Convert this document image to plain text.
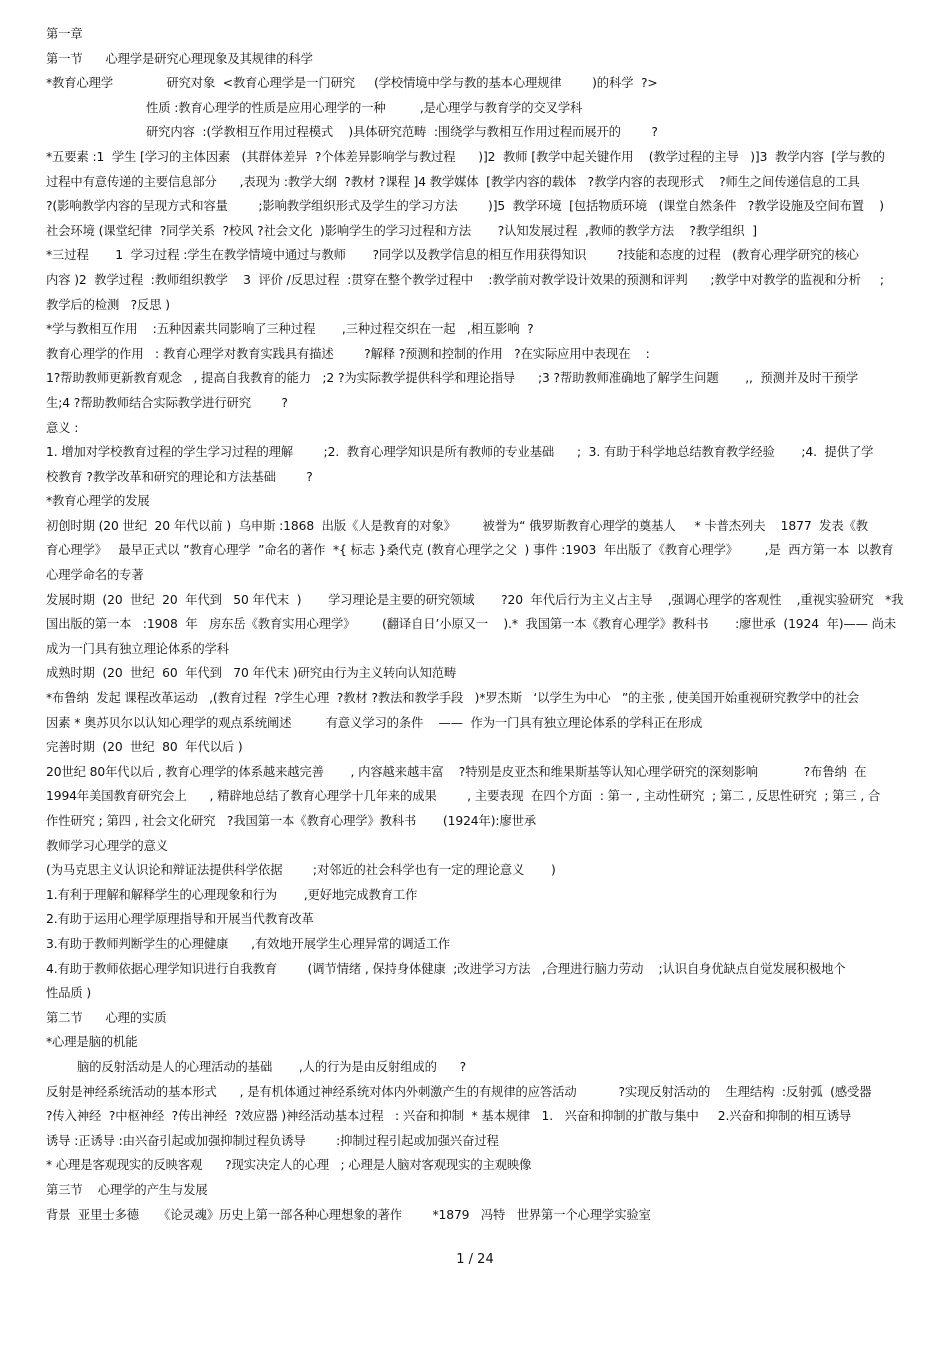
第一章
第一节      心理学是研究心理现象及其规律的科学
*教育心理学              研究对象  <教育心理学是一门研究     (学校情境中学与教的基本心理规律        )的科学  ?>
性质 :教育心理学的性质是应用心理学的一种         ,是心理学与教育学的交叉学科
研究内容  :(学教相互作用过程模式    )具体研究范畴  :围绕学与教相互作用过程而展开的        ?
*五要素 :1  学生 [学习的主体因素   (其群体差异  ?个体差异影响学与教过程      )]2  教师 [教学中起关键作用    (教学过程的主导   )]3  教学内容  [学与教的
过程中有意传递的主要信息部分      ,表现为 :教学大纲  ?教材 ?课程 ]4 教学媒体  [教学内容的载体   ?教学内容的表现形式    ?师生之间传递信息的工具
?(影响教学内容的呈现方式和容量        ;影响教学组织形式及学生的学习方法        )]5  教学环境  [包括物质环境   (课堂自然条件   ?教学设施及空间布置    )
社会环境 (课堂纪律  ?同学关系  ?校风 ?社会文化  )影响学生的学习过程和方法       ?认知发展过程  ,教师的教学方法    ?教学组织  ]
*三过程       1  学习过程 :学生在教学情境中通过与教师       ?同学以及教学信息的相互作用获得知识        ?技能和态度的过程   (教育心理学研究的核心
内容 )2  教学过程  :教师组织教学    3  评价 /反思过程  :贯穿在整个教学过程中    :教学前对教学设计效果的预测和评判      ;教学中对教学的监视和分析     ;
教学后的检测   ?反思 )
*学与教相互作用    :五种因素共同影响了三种过程       ,三种过程交织在一起   ,相互影响  ?
教育心理学的作用   : 教育心理学对教育实践具有描述        ?解释 ?预测和控制的作用   ?在实际应用中表现在    :
1?帮助教师更新教育观念   , 提高自我教育的能力   ;2 ?为实际教学提供科学和理论指导      ;3 ?帮助教师准确地了解学生问题       ,,  预测并及时干预学
生;4 ?帮助教师结合实际教学进行研究        ?
意义 :
1. 增加对学校教育过程的学生学习过程的理解        ;2.  教育心理学知识是所有教师的专业基础      ;  3. 有助于科学地总结教育教学经验       ;4.  提供了学
校教育 ?教学改革和研究的理论和方法基础        ?
*教育心理学的发展
初创时期 (20 世纪  20 年代以前 )  乌申斯 :1868  出版《人是教育的对象》       被誉为“ 俄罗斯教育心理学的奠基人     * 卡普杰列夫    1877  发表《教
育心理学》   最早正式以 ”教育心理学  ”命名的著作  *{ 标志 }桑代克 (教育心理学之父  ) 事件 :1903  年出版了《教育心理学》       ,是  西方第一本  以教育
心理学命名的专著
发展时期  (20  世纪  20  年代到   50 年代末  )       学习理论是主要的研究领域       ?20  年代后行为主义占主导    ,强调心理学的客观性    ,重视实验研究   *我
国出版的第一本   :1908  年   房东岳《教育实用心理学》       (翻译自日’小原又一    ).*  我国第一本《教育心理学》教科书       :廖世承  (1924  年)—— 尚未
成为一门具有独立理论体系的学科
成熟时期  (20  世纪  60  年代到   70 年代末 )研究由行为主义转向认知范畴
*布鲁纳  发起 课程改革运动   ,(教育过程  ?学生心理  ?教材 ?教法和教学手段   )*罗杰斯   ‘以学生为中心   ”的主张 , 使美国开始重视研究教学中的社会
因素 * 奥苏贝尔以认知心理学的观点系统阐述         有意义学习的条件    ——  作为一门具有独立理论体系的学科正在形成
完善时期  (20  世纪  80  年代以后 )
20世纪 80年代以后 , 教育心理学的体系越来越完善       , 内容越来越丰富    ?特别是皮亚杰和维果斯基等认知心理学研究的深刻影响            ?布鲁纳  在
1994年美国教育研究会上      , 精辟地总结了教育心理学十几年来的成果        , 主要表现  在四个方面  : 第一 , 主动性研究  ; 第二 , 反思性研究  ; 第三 , 合
作性研究 ; 第四 , 社会文化研究   ?我国第一本《教育心理学》教科书       (1924年):廖世承
教师学习心理学的意义
(为马克思主义认识论和辩证法提供科学依据        ;对邻近的社会科学也有一定的理论意义       )
1.有利于理解和解释学生的心理现象和行为       ,更好地完成教育工作
2.有助于运用心理学原理指导和开展当代教育改革
3.有助于教师判断学生的心理健康      ,有效地开展学生心理异常的调适工作
4.有助于教师依据心理学知识进行自我教育        (调节情绪 , 保持身体健康  ;改进学习方法   ,合理进行脑力劳动    ;认识自身优缺点自觉发展积极地个
性品质 )
第二节      心理的实质
*心理是脑的机能
脑的反射活动是人的心理活动的基础       ,人的行为是由反射组成的      ?
反射是神经系统活动的基本形式      , 是有机体通过神经系统对体内外刺激产生的有规律的应答活动           ?实现反射活动的    生理结构  :反射弧  (感受器
?传入神经  ?中枢神经  ?传出神经  ?效应器 )神经活动基本过程   : 兴奋和抑制  * 基本规律   1.   兴奋和抑制的扩散与集中     2.兴奋和抑制的相互诱导
诱导 :正诱导 :由兴奋引起或加强抑制过程负诱导        :抑制过程引起或加强兴奋过程
* 心理是客观现实的反映客观      ?现实决定人的心理   ; 心理是人脑对客观现实的主观映像
第三节    心理学的产生与发展
背景  亚里士多德     《论灵魂》历史上第一部各种心理想象的著作        *1879   冯特   世界第一个心理学实验室
1 / 24
